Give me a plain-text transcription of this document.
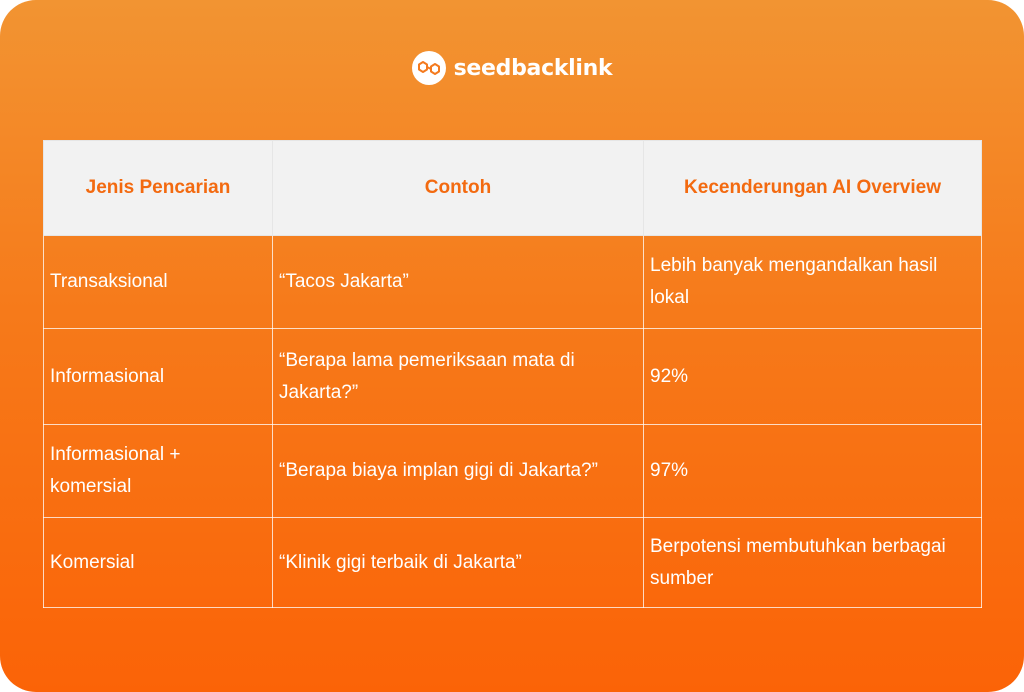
seedbacklink
Jenis Pencarian	Contoh	Kecenderungan AI Overview
Transaksional	“Tacos Jakarta”	Lebih banyak mengandalkan hasil lokal
Informasional	“Berapa lama pemeriksaan mata di Jakarta?”	92%
Informasional + komersial	“Berapa biaya implan gigi di Jakarta?”	97%
Komersial	“Klinik gigi terbaik di Jakarta”	Berpotensi membutuhkan berbagai sumber
